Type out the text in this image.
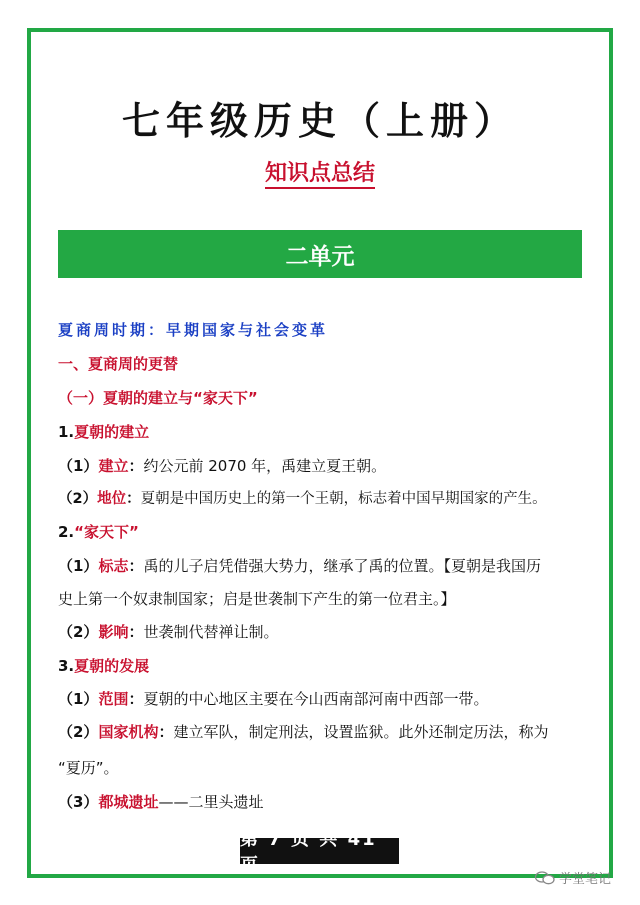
七年级历史（上册）
知识点总结
二单元
夏商周时期：早期国家与社会变革
一、夏商周的更替
（一）夏朝的建立与“家天下”
1.夏朝的建立
（1）建立：约公元前 2070 年，禹建立夏王朝。
（2）地位：夏朝是中国历史上的第一个王朝，标志着中国早期国家的产生。
2.“家天下”
（1）标志：禹的儿子启凭借强大势力，继承了禹的位置。【夏朝是我国历
史上第一个奴隶制国家；启是世袭制下产生的第一位君主。】
（2）影响：世袭制代替禅让制。
3.夏朝的发展
（1）范围：夏朝的中心地区主要在今山西南部河南中西部一带。
（2）国家机构：建立军队，制定刑法，设置监狱。此外还制定历法，称为
“夏历”。
（3）都城遗址——二里头遗址
第 7 页 共 41 页
学堂笔记
